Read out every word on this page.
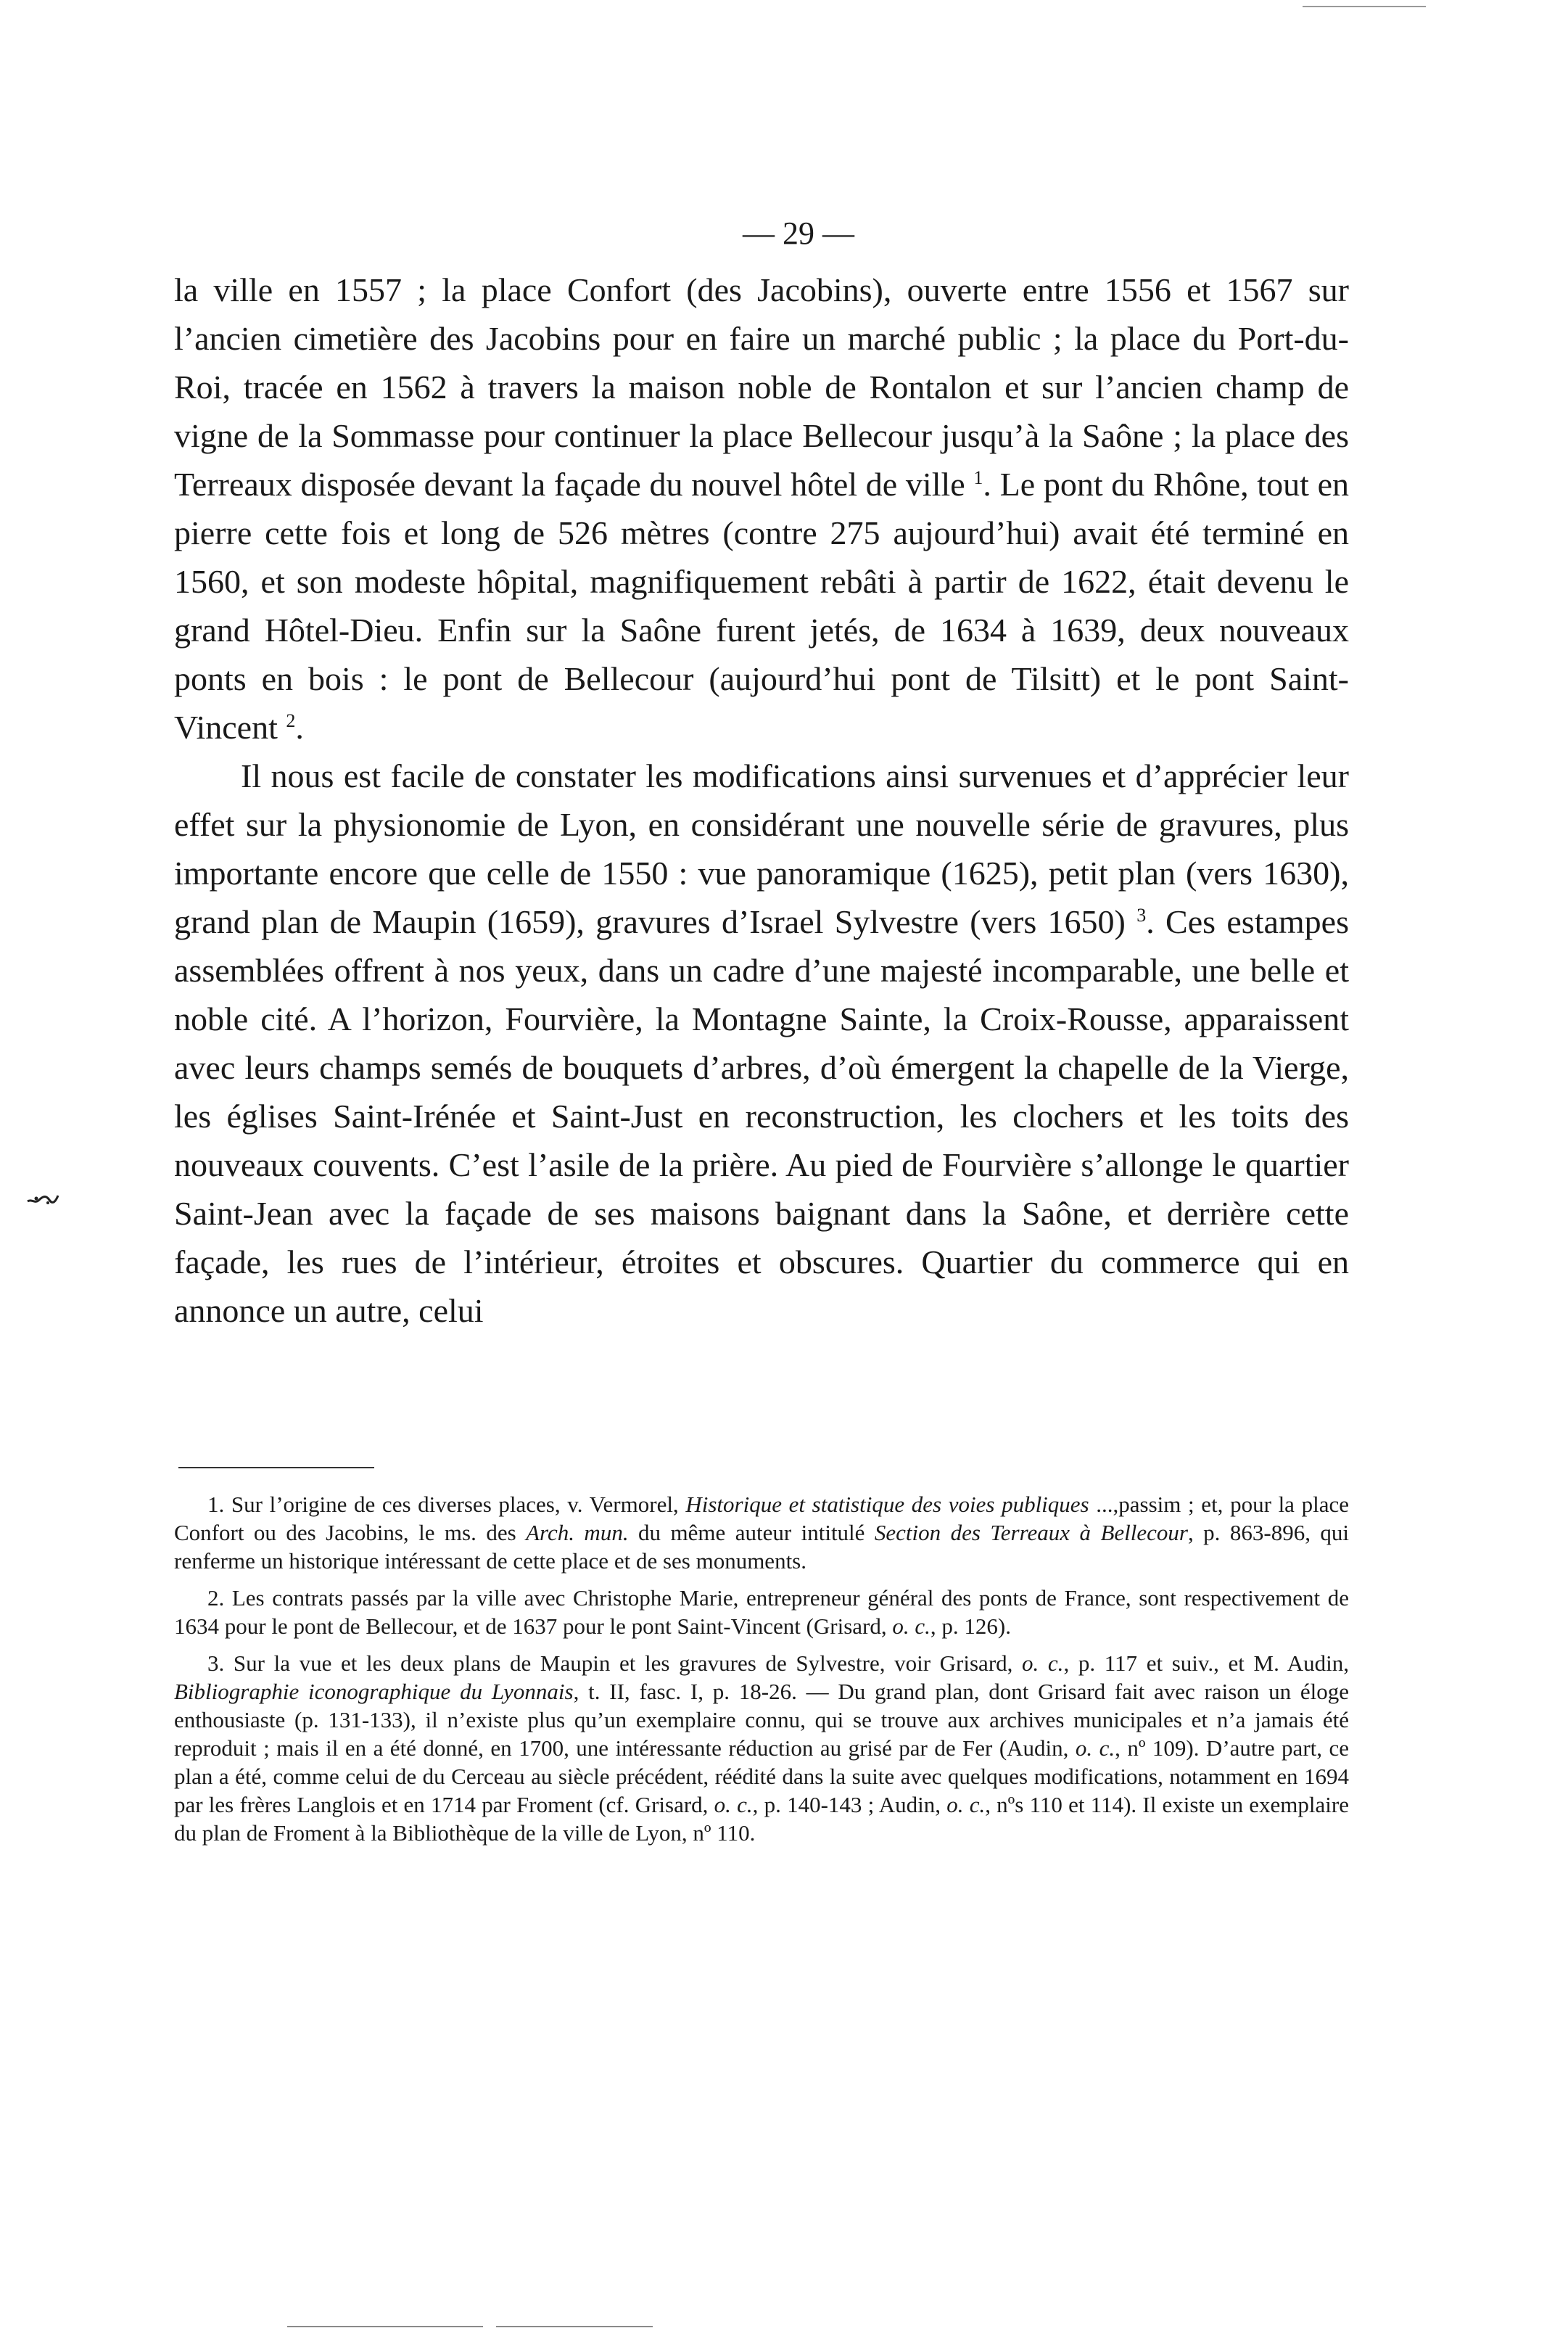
— 29 —

la ville en 1557 ; la place Confort (des Jacobins), ouverte entre 1556 et 1567 sur l’ancien cimetière des Jacobins pour en faire un marché public ; la place du Port-du-Roi, tracée en 1562 à travers la maison noble de Rontalon et sur l’ancien champ de vigne de la Sommasse pour continuer la place Bellecour jusqu’à la Saône ; la place des Terreaux disposée devant la façade du nouvel hôtel de ville $^1$. Le pont du Rhône, tout en pierre cette fois et long de 526 mètres (contre 275 aujourd’hui) avait été terminé en 1560, et son modeste hôpital, magnifiquement rebâti à partir de 1622, était devenu le grand Hôtel-Dieu. Enfin sur la Saône furent jetés, de 1634 à 1639, deux nouveaux ponts en bois : le pont de Bellecour (aujourd’hui pont de Tilsitt) et le pont Saint-Vincent $^2$.

Il nous est facile de constater les modifications ainsi survenues et d’apprécier leur effet sur la physionomie de Lyon, en considérant une nouvelle série de gravures, plus importante encore que celle de 1550 : vue panoramique (1625), petit plan (vers 1630), grand plan de Maupin (1659), gravures d’Israel Sylvestre (vers 1650) $^3$. Ces estampes assemblées offrent à nos yeux, dans un cadre d’une majesté incomparable, une belle et noble cité. A l’horizon, Fourvière, la Montagne Sainte, la Croix-Rousse, apparaissent avec leurs champs semés de bouquets d’arbres, d’où émergent la chapelle de la Vierge, les églises Saint-Irénée et Saint-Just en reconstruction, les clochers et les toits des nouveaux couvents. C’est l’asile de la prière. Au pied de Fourvière s’allonge le quartier Saint-Jean avec la façade de ses maisons baignant dans la Saône, et derrière cette façade, les rues de l’intérieur, étroites et obscures. Quartier du commerce qui en annonce un autre, celui

1. Sur l’origine de ces diverses places, v. Vermorel, Historique et statistique des voies publiques ...,passim ; et, pour la place Confort ou des Jacobins, le ms. des Arch. mun. du même auteur intitulé Section des Terreaux à Bellecour, p. 863-896, qui renferme un historique intéressant de cette place et de ses monuments.

2. Les contrats passés par la ville avec Christophe Marie, entrepreneur général des ponts de France, sont respectivement de 1634 pour le pont de Bellecour, et de 1637 pour le pont Saint-Vincent (Grisard, o. c., p. 126).

3. Sur la vue et les deux plans de Maupin et les gravures de Sylvestre, voir Grisard, o. c., p. 117 et suiv., et M. Audin, Bibliographie iconographique du Lyonnais, t. II, fasc. I, p. 18-26. — Du grand plan, dont Grisard fait avec raison un éloge enthousiaste (p. 131-133), il n’existe plus qu’un exemplaire connu, qui se trouve aux archives municipales et n’a jamais été reproduit ; mais il en a été donné, en 1700, une intéressante réduction au grisé par de Fer (Audin, o. c., nº 109). D’autre part, ce plan a été, comme celui de du Cerceau au siècle précédent, réédité dans la suite avec quelques modifications, notamment en 1694 par les frères Langlois et en 1714 par Froment (cf. Grisard, o. c., p. 140-143 ; Audin, o. c., nºs 110 et 114). Il existe un exemplaire du plan de Froment à la Bibliothèque de la ville de Lyon, nº 110.
